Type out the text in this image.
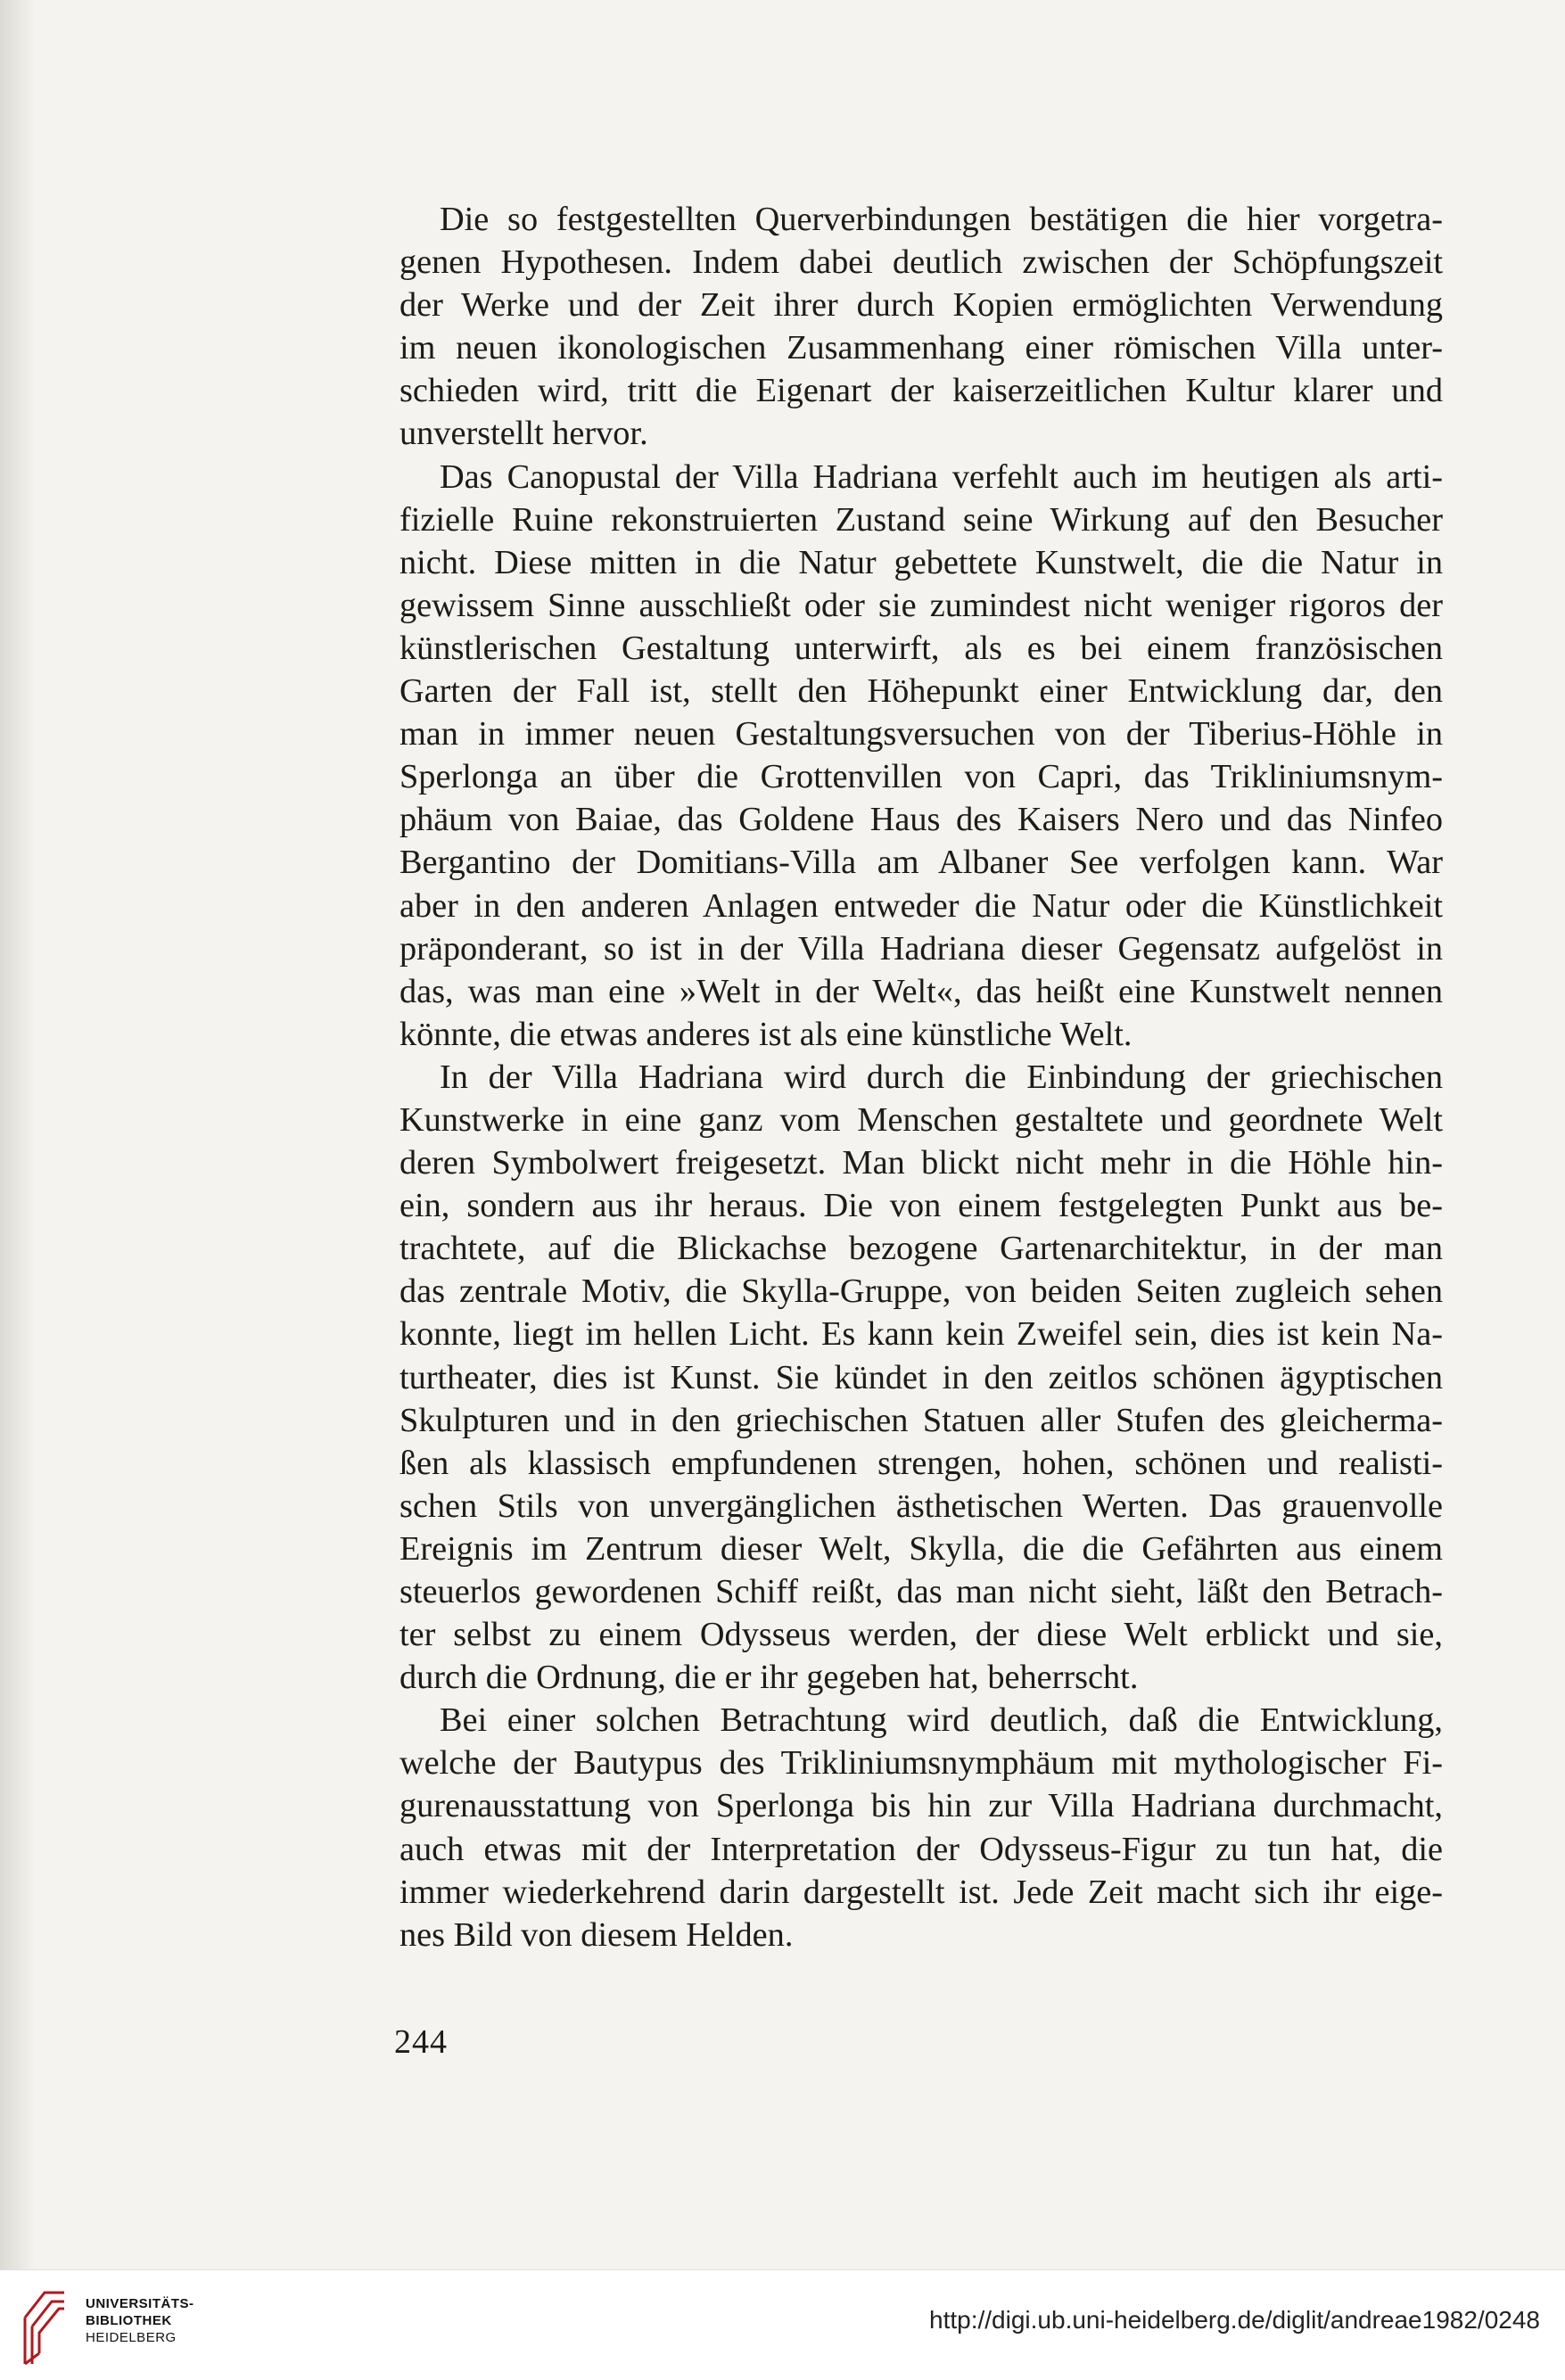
Die so festgestellten Querverbindungen bestätigen die hier vorgetra-
genen Hypothesen. Indem dabei deutlich zwischen der Schöpfungszeit
der Werke und der Zeit ihrer durch Kopien ermöglichten Verwendung
im neuen ikonologischen Zusammenhang einer römischen Villa unter-
schieden wird, tritt die Eigenart der kaiserzeitlichen Kultur klarer und
unverstellt hervor.

Das Canopustal der Villa Hadriana verfehlt auch im heutigen als arti-
fizielle Ruine rekonstruierten Zustand seine Wirkung auf den Besucher
nicht. Diese mitten in die Natur gebettete Kunstwelt, die die Natur in
gewissem Sinne ausschließt oder sie zumindest nicht weniger rigoros der
künstlerischen Gestaltung unterwirft, als es bei einem französischen
Garten der Fall ist, stellt den Höhepunkt einer Entwicklung dar, den
man in immer neuen Gestaltungsversuchen von der Tiberius-Höhle in
Sperlonga an über die Grottenvillen von Capri, das Trikliniumsnym-
phäum von Baiae, das Goldene Haus des Kaisers Nero und das Ninfeo
Bergantino der Domitians-Villa am Albaner See verfolgen kann. War
aber in den anderen Anlagen entweder die Natur oder die Künstlichkeit
präponderant, so ist in der Villa Hadriana dieser Gegensatz aufgelöst in
das, was man eine »Welt in der Welt«, das heißt eine Kunstwelt nennen
könnte, die etwas anderes ist als eine künstliche Welt.

In der Villa Hadriana wird durch die Einbindung der griechischen
Kunstwerke in eine ganz vom Menschen gestaltete und geordnete Welt
deren Symbolwert freigesetzt. Man blickt nicht mehr in die Höhle hin-
ein, sondern aus ihr heraus. Die von einem festgelegten Punkt aus be-
trachtete, auf die Blickachse bezogene Gartenarchitektur, in der man
das zentrale Motiv, die Skylla-Gruppe, von beiden Seiten zugleich sehen
konnte, liegt im hellen Licht. Es kann kein Zweifel sein, dies ist kein Na-
turtheater, dies ist Kunst. Sie kündet in den zeitlos schönen ägyptischen
Skulpturen und in den griechischen Statuen aller Stufen des gleicherma-
ßen als klassisch empfundenen strengen, hohen, schönen und realisti-
schen Stils von unvergänglichen ästhetischen Werten. Das grauenvolle
Ereignis im Zentrum dieser Welt, Skylla, die die Gefährten aus einem
steuerlos gewordenen Schiff reißt, das man nicht sieht, läßt den Betrach-
ter selbst zu einem Odysseus werden, der diese Welt erblickt und sie,
durch die Ordnung, die er ihr gegeben hat, beherrscht.

Bei einer solchen Betrachtung wird deutlich, daß die Entwicklung,
welche der Bautypus des Trikliniumsnymphäum mit mythologischer Fi-
gurenausstattung von Sperlonga bis hin zur Villa Hadriana durchmacht,
auch etwas mit der Interpretation der Odysseus-Figur zu tun hat, die
immer wiederkehrend darin dargestellt ist. Jede Zeit macht sich ihr eige-
nes Bild von diesem Helden.

244
UNIVERSITÄTS-
BIBLIOTHEK
HEIDELBERG
http://digi.ub.uni-heidelberg.de/diglit/andreae1982/0248
